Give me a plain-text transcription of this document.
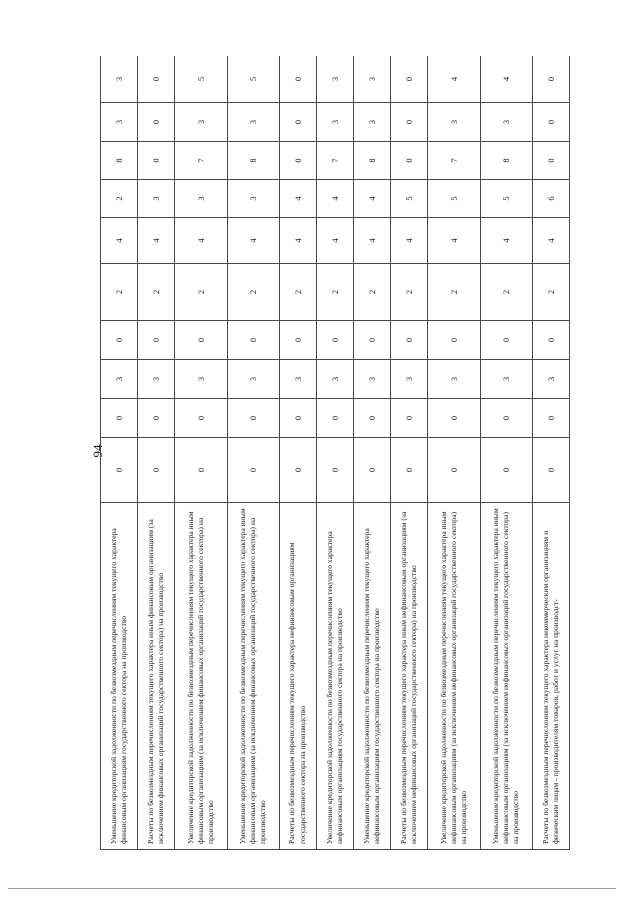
94
Уменьшение кредиторской задолженности по безвозмездным перечислениям текущего характера финансовым организациям государственного сектора на производство	0	0	3	0	2	4	2	8	3	3
Расчеты по безвозмездным перечислениям текущего характера иным финансовым организациям (за исключением финансовых организаций государственного сектора) на производство	0	0	3	0	2	4	3	0	0	0
Увеличение кредиторской задолженности по безвозмездным перечислениям текущего характера иным финансовым организациям (за исключением финансовых организаций государственного сектора) на производство	0	0	3	0	2	4	3	7	3	5
Уменьшение кредиторской задолженности по безвозмездным перечислениям текущего характера иным финансовым организациям (за исключением финансовых организаций государственного сектора) на производство	0	0	3	0	2	4	3	8	3	5
Расчеты по безвозмездным перечислениям текущего характера нефинансовым организациям государственного сектора на производство	0	0	3	0	2	4	4	0	0	0
Увеличение кредиторской задолженности по безвозмездным перечислениям текущего характера нефинансовым организациям государственного сектора на производство	0	0	3	0	2	4	4	7	3	3
Уменьшение кредиторской задолженности по безвозмездным перечислениям текущего характера нефинансовым организациям государственного сектора на производство	0	0	3	0	2	4	4	8	3	3
Расчеты по безвозмездным перечислениям текущего характера иным нефинансовым организациям (за исключением нефинансовых организаций государственного сектора) на производство	0	0	3	0	2	4	5	0	0	0
Увеличение кредиторской задолженности по безвозмездным перечислениям текущего характера иным нефинансовым организациям (за исключением нефинансовых организаций государственного сектора) на производство	0	0	3	0	2	4	5	7	3	4
Уменьшение кредиторской задолженности по безвозмездным перечислениям текущего характера иным нефинансовым организациям (за исключением нефинансовых организаций государственного сектора) на производство	0	0	3	0	2	4	5	8	3	4
Расчеты по безвозмездным перечислениям текущего характера некоммерческим организациям и физическим лицам - производителям товаров, работ и услуг на производст-	0	0	3	0	2	4	6	0	0	0
